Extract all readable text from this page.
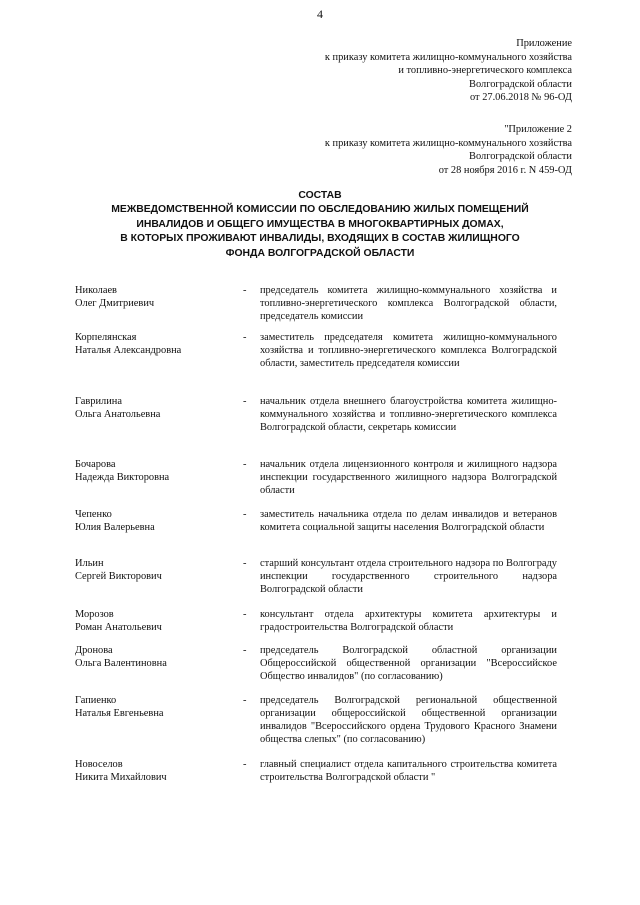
4
Приложение
к приказу комитета жилищно-коммунального хозяйства
и топливно-энергетического комплекса
Волгоградской области
от 27.06.2018 № 96-ОД
"Приложение 2
к приказу комитета жилищно-коммунального хозяйства
Волгоградской области
от 28 ноября 2016 г. N 459-ОД
СОСТАВ
МЕЖВЕДОМСТВЕННОЙ КОМИССИИ ПО ОБСЛЕДОВАНИЮ ЖИЛЫХ ПОМЕЩЕНИЙ
ИНВАЛИДОВ И ОБЩЕГО ИМУЩЕСТВА В МНОГОКВАРТИРНЫХ ДОМАХ,
В КОТОРЫХ ПРОЖИВАЮТ ИНВАЛИДЫ, ВХОДЯЩИХ В СОСТАВ ЖИЛИЩНОГО
ФОНДА ВОЛГОГРАДСКОЙ ОБЛАСТИ
Николаев
Олег Дмитриевич
-	председатель комитета жилищно-коммунального хозяйства и топливно-энергетического комплекса Волгоградской области, председатель комиссии
Корпелянская
Наталья Александровна
-	заместитель председателя комитета жилищно-коммунального хозяйства и топливно-энергетического комплекса Волгоградской области, заместитель председателя комиссии
Гаврилина
Ольга Анатольевна
-	начальник отдела внешнего благоустройства комитета жилищно-коммунального хозяйства и топливно-энергетического комплекса Волгоградской области, секретарь комиссии
Бочарова
Надежда Викторовна
-	начальник отдела лицензионного контроля и жилищного надзора инспекции государственного жилищного надзора Волгоградской области
Чепенко
Юлия Валерьевна
-	заместитель начальника отдела по делам инвалидов и ветеранов комитета социальной защиты населения Волгоградской области
Ильин
Сергей Викторович
-	старший консультант отдела строительного надзора по Волгограду инспекции государственного строительного надзора Волгоградской области
Морозов
Роман Анатольевич
-	консультант отдела архитектуры комитета архитектуры и градостроительства Волгоградской области
Дронова
Ольга Валентиновна
-	председатель Волгоградской областной организации Общероссийской общественной организации "Всероссийское Общество инвалидов" (по согласованию)
Гапиенко
Наталья Евгеньевна
-	председатель Волгоградской региональной общественной организации общероссийской общественной организации инвалидов "Всероссийского ордена Трудового Красного Знамени общества слепых" (по согласованию)
Новоселов
Никита Михайлович
-	главный специалист отдела капитального строительства комитета строительства Волгоградской области "
